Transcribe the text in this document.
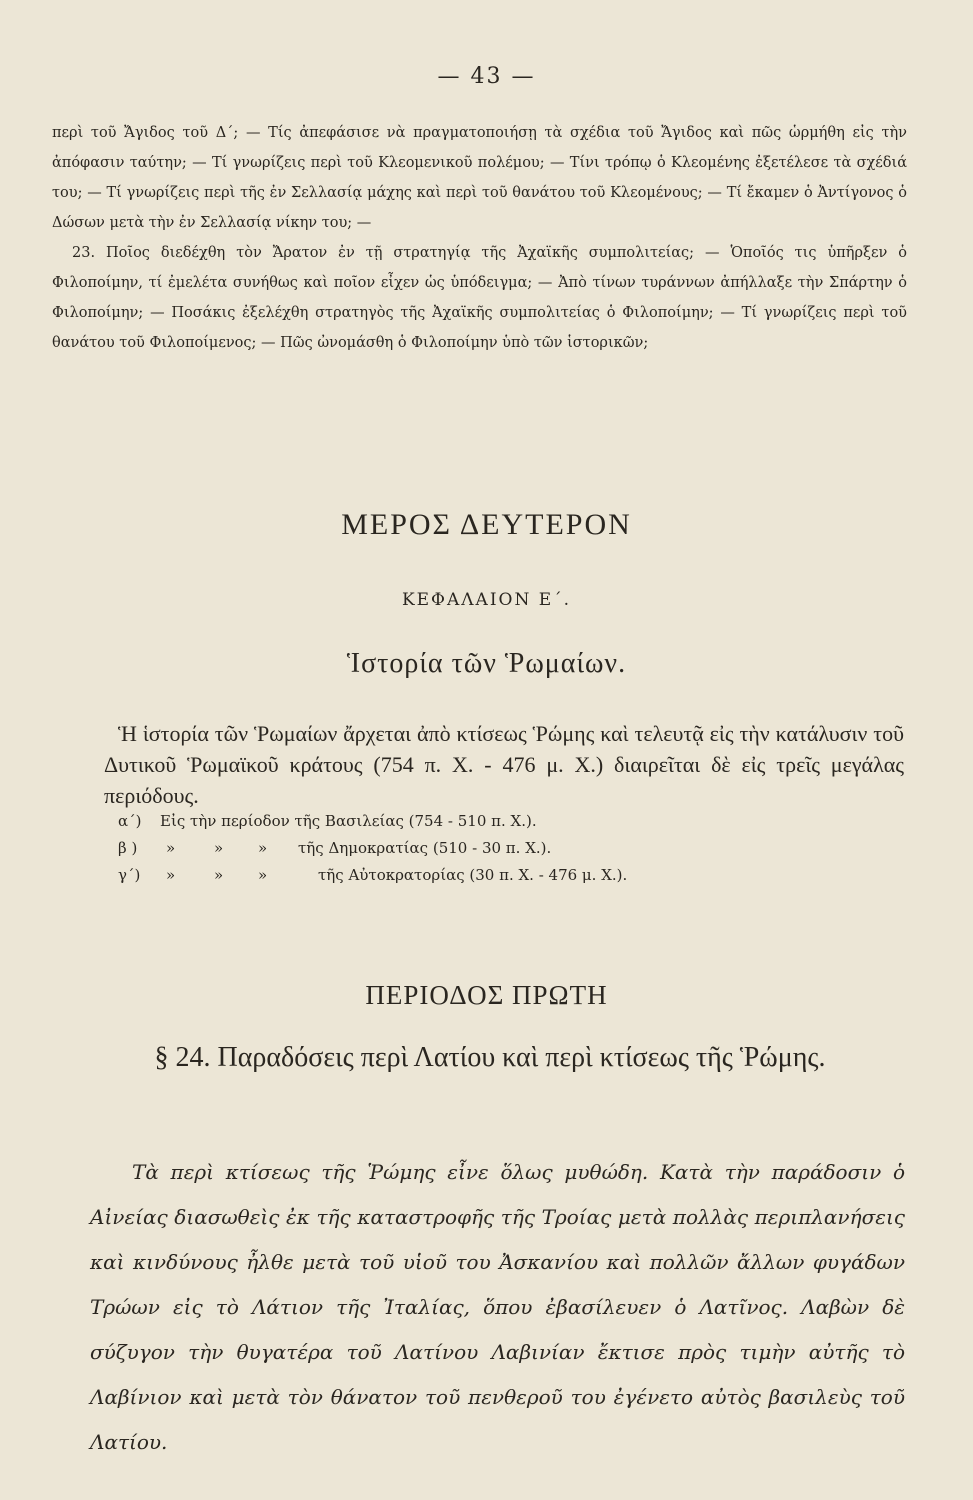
— 43 —

περὶ τοῦ Ἄγιδος τοῦ Δ΄; — Τίς ἀπεφάσισε νὰ πραγματοποιήσῃ τὰ σχέδια τοῦ Ἄγιδος καὶ πῶς ὡρμήθη εἰς τὴν ἀπόφασιν ταύτην; — Τί γνωρίζεις περὶ τοῦ Κλεομενικοῦ πολέμου; — Τίνι τρόπῳ ὁ Κλεομένης ἐξετέλεσε τὰ σχέδιά του; — Τί γνωρίζεις περὶ τῆς ἐν Σελλασίᾳ μάχης καὶ περὶ τοῦ θανάτου τοῦ Κλεομένους; — Τί ἔκαμεν ὁ Ἀντίγονος ὁ Δώσων μετὰ τὴν ἐν Σελλασίᾳ νίκην του; —

23. Ποῖος διεδέχθη τὸν Ἄρατον ἐν τῇ στρατηγίᾳ τῆς Ἀχαϊκῆς συμπολιτείας; — Ὁποῖός τις ὑπῆρξεν ὁ Φιλοποίμην, τί ἐμελέτα συνήθως καὶ ποῖον εἶχεν ὡς ὑπόδειγμα; — Ἀπὸ τίνων τυράννων ἀπήλλαξε τὴν Σπάρτην ὁ Φιλοποίμην; — Ποσάκις ἐξελέχθη στρατηγὸς τῆς Ἀχαϊκῆς συμπολιτείας ὁ Φιλοποίμην; — Τί γνωρίζεις περὶ τοῦ θανάτου τοῦ Φιλοποίμενος; — Πῶς ὠνομάσθη ὁ Φιλοποίμην ὑπὸ τῶν ἱστορικῶν;

ΜΕΡΟΣ ΔΕΥΤΕΡΟΝ
ΚΕΦΑΛΑΙΟΝ Ε΄.
Ἱστορία τῶν Ῥωμαίων.

Ἡ ἱστορία τῶν Ῥωμαίων ἄρχεται ἀπὸ κτίσεως Ῥώμης καὶ τελευτᾷ εἰς τὴν κατάλυσιν τοῦ Δυτικοῦ Ῥωμαϊκοῦ κράτους (754 π. Χ. - 476 μ. Χ.) διαιρεῖται δὲ εἰς τρεῖς μεγάλας περιόδους.

α΄) Εἰς τὴν περίοδον τῆς Βασιλείας (754 - 510 π. Χ.).
β ) »	» » τῆς Δημοκρατίας (510 - 30 π. Χ.).
γ΄) »	» »	τῆς Αὐτοκρατορίας (30 π. Χ. - 476 μ. Χ.).
ΠΕΡΙΟΔΟΣ ΠΡΩΤΗ
§ 24. Παραδόσεις περὶ Λατίου καὶ περὶ κτίσεως τῆς Ῥώμης.

Τὰ περὶ κτίσεως τῆς Ῥώμης εἶνε ὅλως μυθώδη. Κατὰ τὴν παράδοσιν ὁ Αἰνείας διασωθεὶς ἐκ τῆς καταστροφῆς τῆς Τροίας μετὰ πολλὰς περιπλανήσεις καὶ κινδύνους ἦλθε μετὰ τοῦ υἱοῦ του Ἀσκανίου καὶ πολλῶν ἄλλων φυγάδων Τρώων εἰς τὸ Λάτιον τῆς Ἰταλίας, ὅπου ἐβασίλευεν ὁ Λατῖνος. Λαβὼν δὲ σύζυγον τὴν θυγατέρα τοῦ Λατίνου Λαβινίαν ἔκτισε πρὸς τιμὴν αὐτῆς τὸ Λαβίνιον καὶ μετὰ τὸν θάνατον τοῦ πενθεροῦ του ἐγένετο αὐτὸς βασιλεὺς τοῦ Λατίου.
